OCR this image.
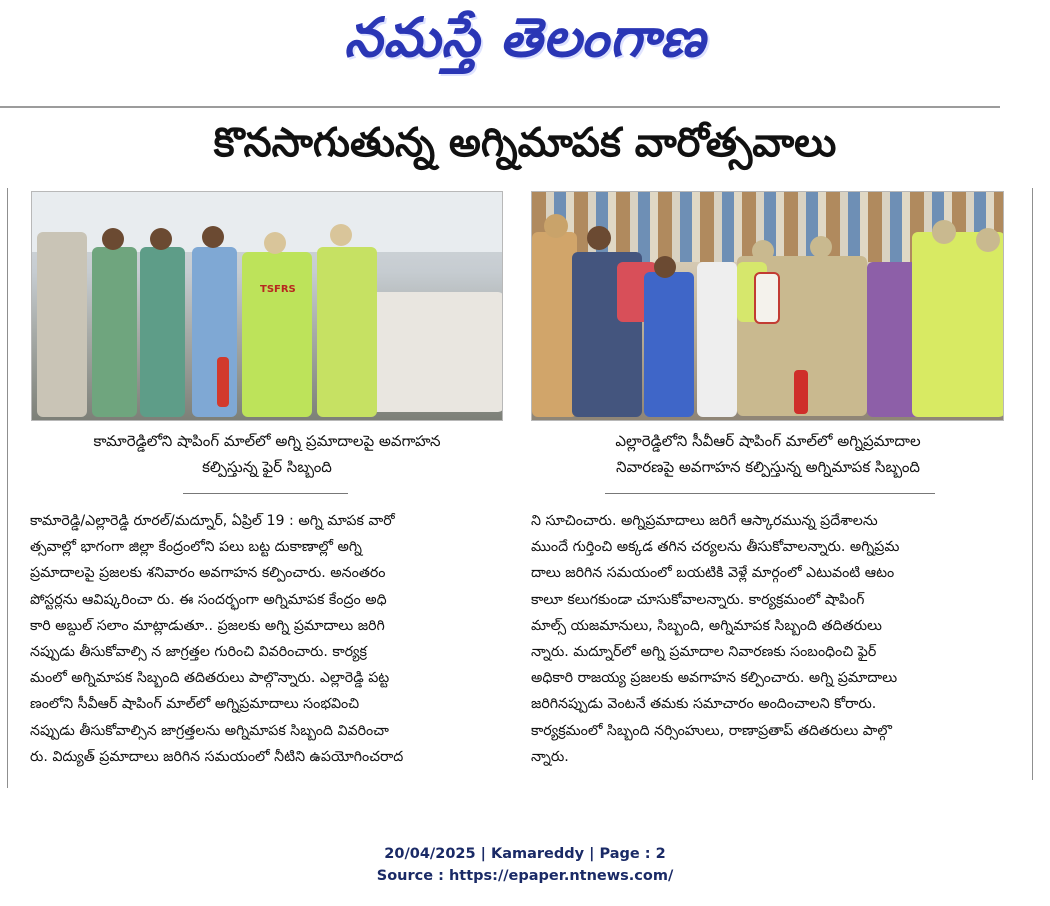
నమస్తే తెలంగాణ
కొనసాగుతున్న అగ్నిమాపక వారోత్సవాలు
TSFRS
కామారెడ్డిలోని షాపింగ్ మాల్‌లో అగ్ని ప్రమాదాలపై అవగాహన
కల్పిస్తున్న ఫైర్ సిబ్బంది
ఎల్లారెడ్డిలోని సీవీఆర్ షాపింగ్ మాల్‌లో అగ్నిప్రమాదాల
నివారణపై అవగాహన కల్పిస్తున్న అగ్నిమాపక సిబ్బంది
కామారెడ్డి/ఎల్లారెడ్డి రూరల్/మద్నూర్, ఏప్రిల్ 19 : అగ్ని మాపక వారో
త్సవాల్లో భాగంగా జిల్లా కేంద్రంలోని పలు బట్ట దుకాణాల్లో అగ్ని
ప్రమాదాలపై ప్రజలకు శనివారం అవగాహన కల్పించారు. అనంతరం
పోస్టర్లను ఆవిష్కరించా రు. ఈ సందర్భంగా అగ్నిమాపక కేంద్రం అధి
కారి అబ్దుల్ సలాం మాట్లాడుతూ.. ప్రజలకు అగ్ని ప్రమాదాలు జరిగి
నప్పుడు తీసుకోవాల్సి న జాగ్రత్తల గురించి వివరించారు. కార్యక్ర
మంలో అగ్నిమాపక సిబ్బంది తదితరులు పాల్గొన్నారు. ఎల్లారెడ్డి పట్ట
ణంలోని సీవీఆర్ షాపింగ్ మాల్‌లో అగ్నిప్రమాదాలు సంభవించి
నప్పుడు తీసుకోవాల్సిన జాగ్రత్తలను అగ్నిమాపక సిబ్బంది వివరించా
రు. విద్యుత్ ప్రమాదాలు జరిగిన సమయంలో నీటిని ఉపయోగించరాద
ని సూచించారు. అగ్నిప్రమాదాలు జరిగే ఆస్కారమున్న ప్రదేశాలను
ముందే గుర్తించి అక్కడ తగిన చర్యలను తీసుకోవాలన్నారు. అగ్నిప్రమ
దాలు జరిగిన సమయంలో బయటికి వెళ్లే మార్గంలో ఎటువంటి ఆటం
కాలూ కలుగకుండా చూసుకోవాలన్నారు. కార్యక్రమంలో షాపింగ్
మాల్స్ యజమానులు, సిబ్బంది, అగ్నిమాపక సిబ్బంది తదితరులు
న్నారు. మద్నూర్‌లో అగ్ని ప్రమాదాల నివారణకు సంబంధించి ఫైర్
అధికారి రాజయ్య ప్రజలకు అవగాహన కల్పించారు. అగ్ని ప్రమాదాలు
జరిగినప్పుడు వెంటనే తమకు సమాచారం అందించాలని కోరారు.
కార్యక్రమంలో సిబ్బంది నర్సింహులు, రాణాప్రతాప్ తదితరులు పాల్గొ
న్నారు.
20/04/2025 | Kamareddy | Page : 2
Source : https://epaper.ntnews.com/
